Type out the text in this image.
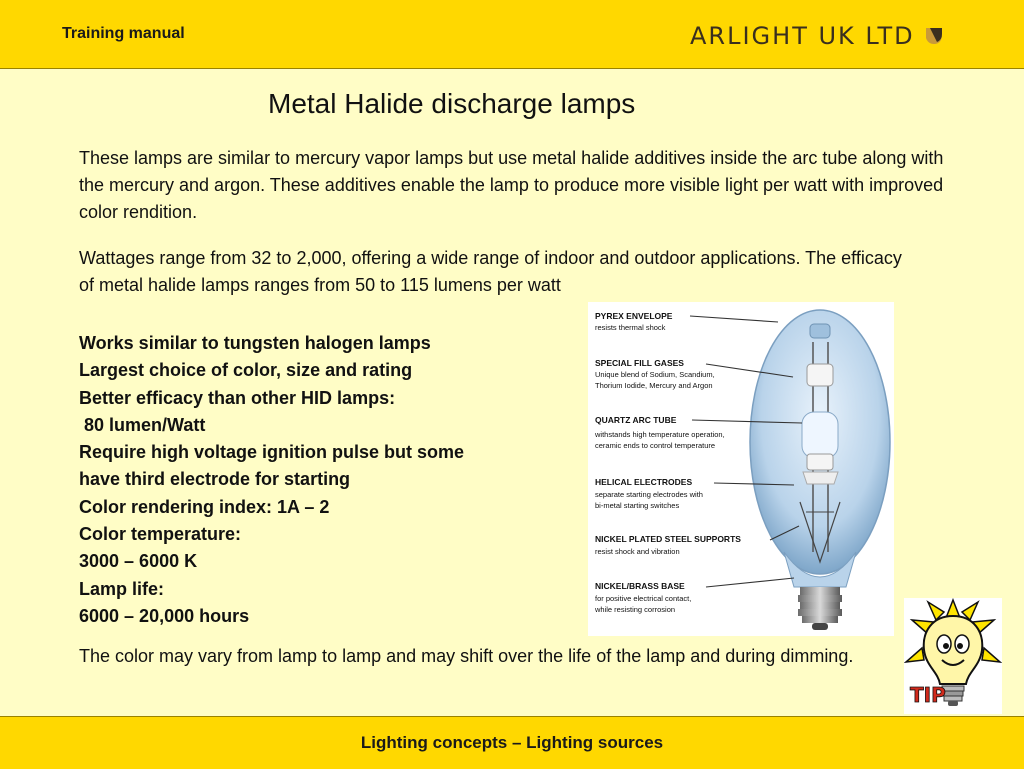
Training manual	ARLIGHT UK LTD
Metal Halide discharge lamps
These lamps are similar to mercury vapor lamps but use metal halide additives inside the arc tube along with the mercury and argon. These additives enable the lamp to produce more visible light per watt with improved color rendition.
Wattages range from 32 to 2,000, offering a wide range of indoor and outdoor applications. The efficacy of metal halide lamps ranges from 50 to 115 lumens per watt
Works similar to tungsten halogen lamps
Largest choice of color, size and rating
Better efficacy than other HID lamps:
80 lumen/Watt
Require high voltage ignition pulse but some
have third electrode for starting
Color rendering index: 1A – 2
Color temperature:
3000 – 6000 K
Lamp life:
6000 – 20,000 hours
PYREX ENVELOPE
resists thermal shock
SPECIAL FILL GASES
Unique blend of Sodium, Scandium,
Thorium Iodide, Mercury and Argon
QUARTZ ARC TUBE
withstands high temperature operation,
ceramic ends to control temperature
HELICAL ELECTRODES
separate starting electrodes with
bi-metal starting switches
NICKEL PLATED STEEL SUPPORTS
resist shock and vibration
NICKEL/BRASS BASE
for positive electrical contact,
while resisting corrosion
The color may vary from lamp to lamp and may shift over the life of the lamp and during dimming.
TIP
Lighting concepts – Lighting sources
